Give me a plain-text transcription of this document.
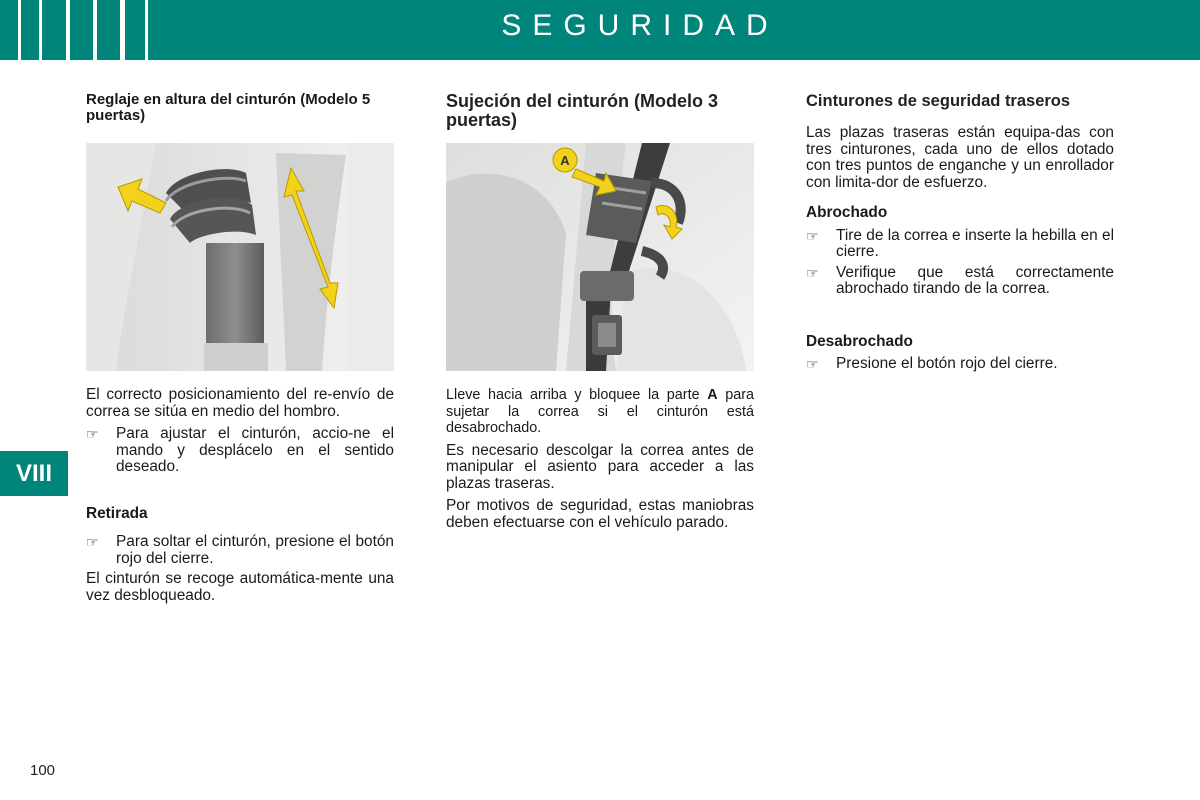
SEGURIDAD
VIII
100
A
Reglaje en altura del cinturón (Modelo 5 puertas)

El correcto posicionamiento del re-envío de correa se sitúa en medio del hombro.

☞ Para ajustar el cinturón, accio-ne el mando y desplácelo en el sentido deseado.
Retirada
☞ Para soltar el cinturón, presione el botón rojo del cierre.

El cinturón se recoge automática-mente una vez desbloqueado.

Sujeción del cinturón (Modelo 3 puertas)

Lleve hacia arriba y bloquee la parte A para sujetar la correa si el cinturón está desabrochado.

Es necesario descolgar la correa antes de manipular el asiento para acceder a las plazas traseras.

Por motivos de seguridad, estas maniobras deben efectuarse con el vehículo parado.

Cinturones de seguridad traseros

Las plazas traseras están equipa-das con tres cinturones, cada uno de ellos dotado con tres puntos de enganche y un enrollador con limita-dor de esfuerzo.

Abrochado
☞ Tire de la correa e inserte la hebilla en el cierre.
☞ Verifique que está correctamente abrochado tirando de la correa.
Desabrochado
☞ Presione el botón rojo del cierre.
